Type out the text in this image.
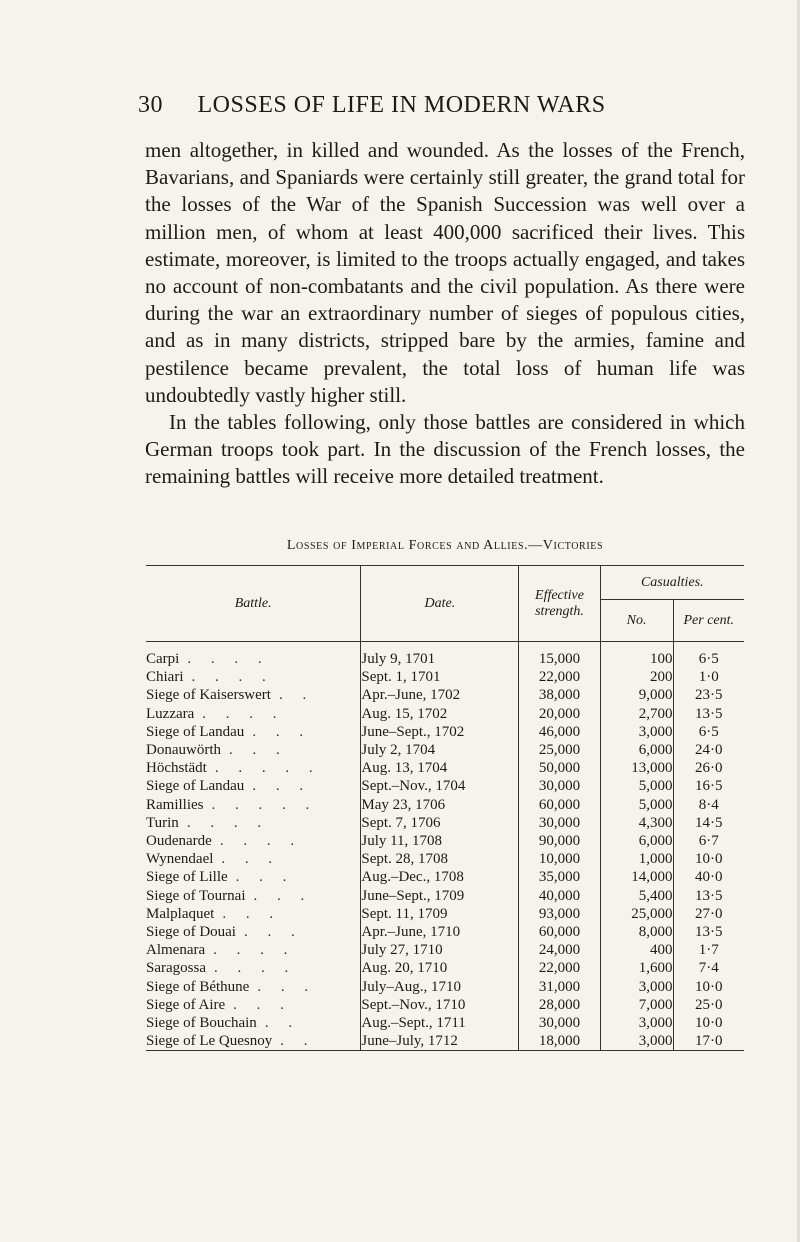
30 LOSSES OF LIFE IN MODERN WARS

men altogether, in killed and wounded. As the losses of the French, Bavarians, and Spaniards were certainly still greater, the grand total for the losses of the War of the Spanish Succession was well over a million men, of whom at least 400,000 sacrificed their lives. This estimate, moreover, is limited to the troops actually engaged, and takes no account of non-combatants and the civil population. As there were during the war an extraordinary number of sieges of populous cities, and as in many districts, stripped bare by the armies, famine and pestilence became prevalent, the total loss of human life was undoubtedly vastly higher still.

In the tables following, only those battles are considered in which German troops took part. In the discussion of the French losses, the remaining battles will receive more detailed treatment.

Losses of Imperial Forces and Allies.—Victories
Battle.	Date.	Effective strength.	Casualties.	
			No.	Per cent.
Carpi . . . .	July 9, 1701	15,000	100	6·5
Chiari . . . .	Sept. 1, 1701	22,000	200	1·0
Siege of Kaiserswert . .	Apr.–June, 1702	38,000	9,000	23·5
Luzzara . . . .	Aug. 15, 1702	20,000	2,700	13·5
Siege of Landau . . .	June–Sept., 1702	46,000	3,000	6·5
Donauwörth . . .	July 2, 1704	25,000	6,000	24·0
Höchstädt . . . . .	Aug. 13, 1704	50,000	13,000	26·0
Siege of Landau . . .	Sept.–Nov., 1704	30,000	5,000	16·5
Ramillies . . . . .	May 23, 1706	60,000	5,000	8·4
Turin . . . .	Sept. 7, 1706	30,000	4,300	14·5
Oudenarde . . . .	July 11, 1708	90,000	6,000	6·7
Wynendael . . .	Sept. 28, 1708	10,000	1,000	10·0
Siege of Lille . . .	Aug.–Dec., 1708	35,000	14,000	40·0
Siege of Tournai . . .	June–Sept., 1709	40,000	5,400	13·5
Malplaquet . . .	Sept. 11, 1709	93,000	25,000	27·0
Siege of Douai . . .	Apr.–June, 1710	60,000	8,000	13·5
Almenara . . . .	July 27, 1710	24,000	400	1·7
Saragossa . . . .	Aug. 20, 1710	22,000	1,600	7·4
Siege of Béthune . . .	July–Aug., 1710	31,000	3,000	10·0
Siege of Aire . . .	Sept.–Nov., 1710	28,000	7,000	25·0
Siege of Bouchain . .	Aug.–Sept., 1711	30,000	3,000	10·0
Siege of Le Quesnoy . .	June–July, 1712	18,000	3,000	17·0
